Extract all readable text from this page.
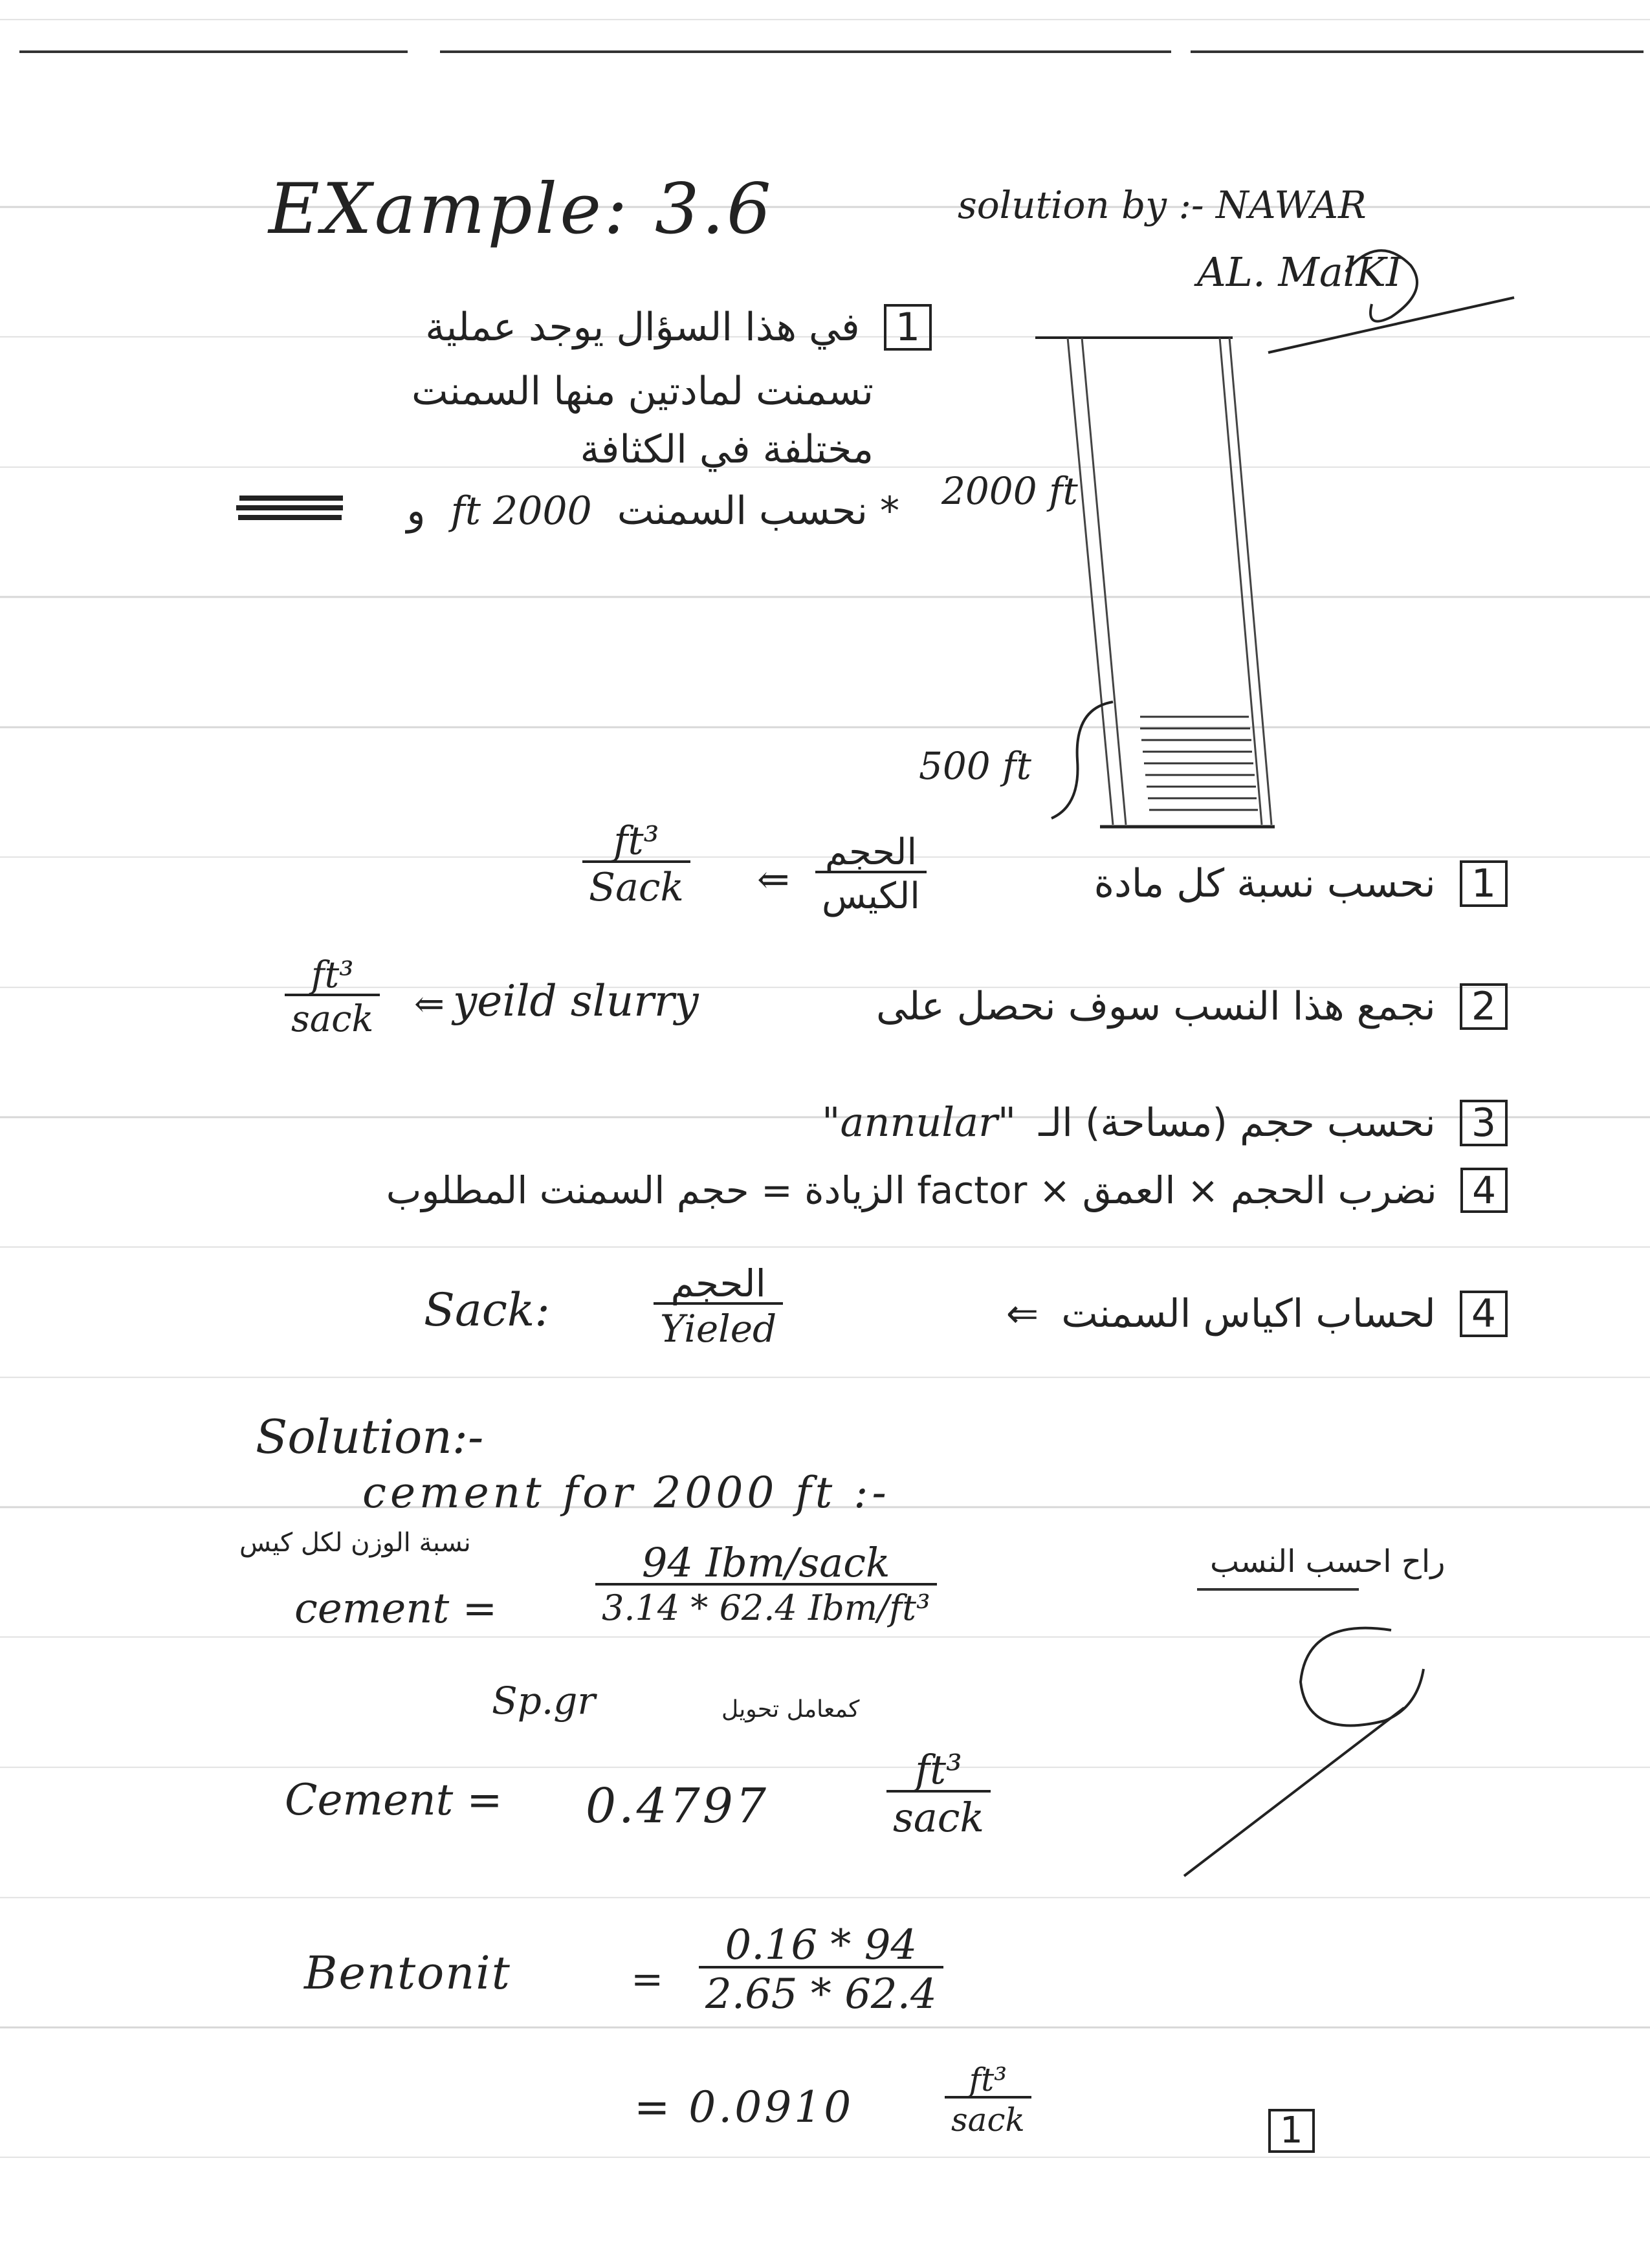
EXample: 3.6	solution by :- NAWAR
AL. MalKI
1 في هذا السؤال يوجد عملية
تسمنت لمادتين منها السمنت
مختلفة في الكثافة
* نحسب السمنت 2000 ft و	2000 ft
500 ft
ft³
Sack ⇐
الحجم
الكيس	1 نحسب نسبة كل مادة
ft³
sack ⇐ yeild slurry	2 نجمع هذا النسب سوف نحصل على
3 نحسب حجم (مساحة) الـ "annular"
4 نضرب الحجم × العمق × factor الزيادة = حجم السمنت المطلوب
Sack:	الحجم
Yieled	4 لحساب اكياس السمنت ⇐
Solution:-
cement for 2000 ft :-
نسبة الوزن لكل كيس
راح احسب النسب
cement =
94 Ibm/sack
3.14 * 62.4 Ibm/ft³
Sp.gr	كمعامل تحويل
Cement = 0.4797
ft³
sack
Bentonit	= $\frac{0.16 * 94}{2.65 * 62.4}$
= 0.0910
ft³
sack	1
